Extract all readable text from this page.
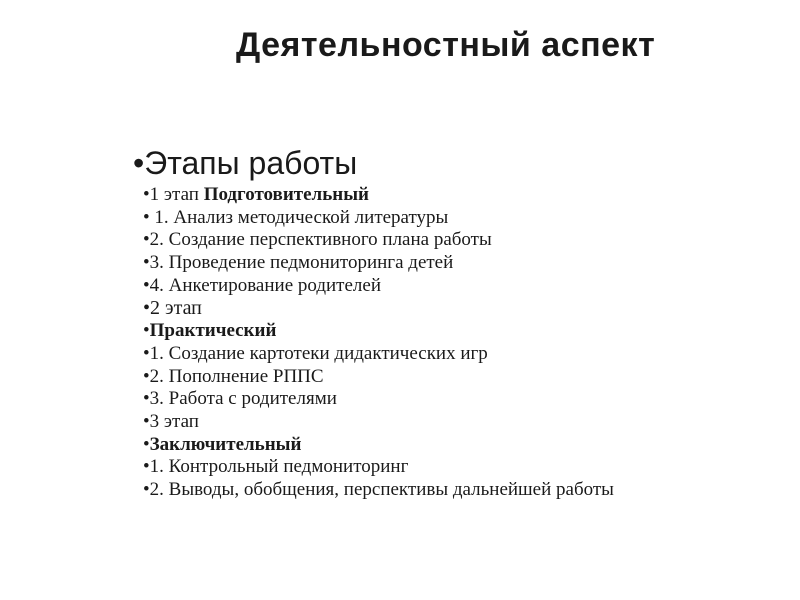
Деятельностный аспект
•Этапы работы
•1 этап Подготовительный
• 1. Анализ методической литературы
•2. Создание перспективного плана работы
•3. Проведение педмониторинга детей
•4. Анкетирование родителей
•2 этап
•Практический
•1. Создание картотеки дидактических игр
•2. Пополнение РППС
•3. Работа с родителями
•3 этап
•Заключительный
•1. Контрольный педмониторинг
•2. Выводы, обобщения, перспективы дальнейшей работы
